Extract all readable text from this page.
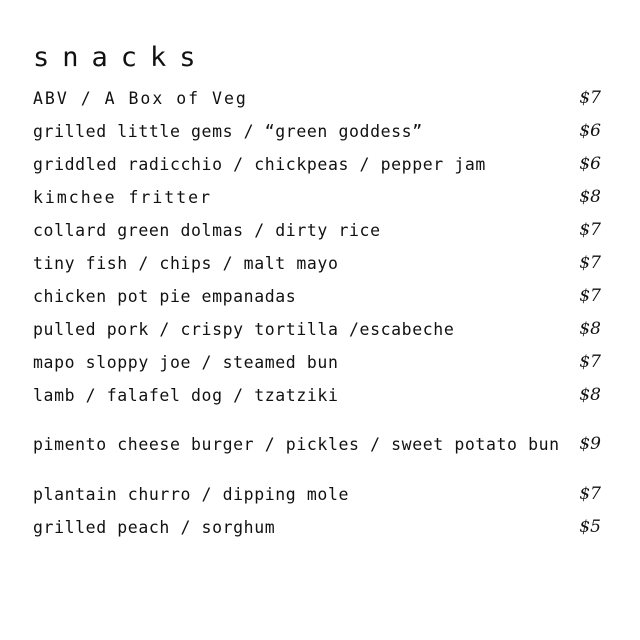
snacks
ABV / A Box of Veg	$7
grilled little gems / “green goddess”	$6
griddled radicchio / chickpeas / pepper jam	$6
kimchee fritter	$8
collard green dolmas / dirty rice	$7
tiny fish / chips / malt mayo	$7
chicken pot pie empanadas	$7
pulled pork / crispy tortilla /escabeche	$8
mapo sloppy joe / steamed bun	$7
lamb / falafel dog / tzatziki	$8
pimento cheese burger / pickles / sweet potato bun $9
plantain churro / dipping mole	$7
grilled peach / sorghum	$5
